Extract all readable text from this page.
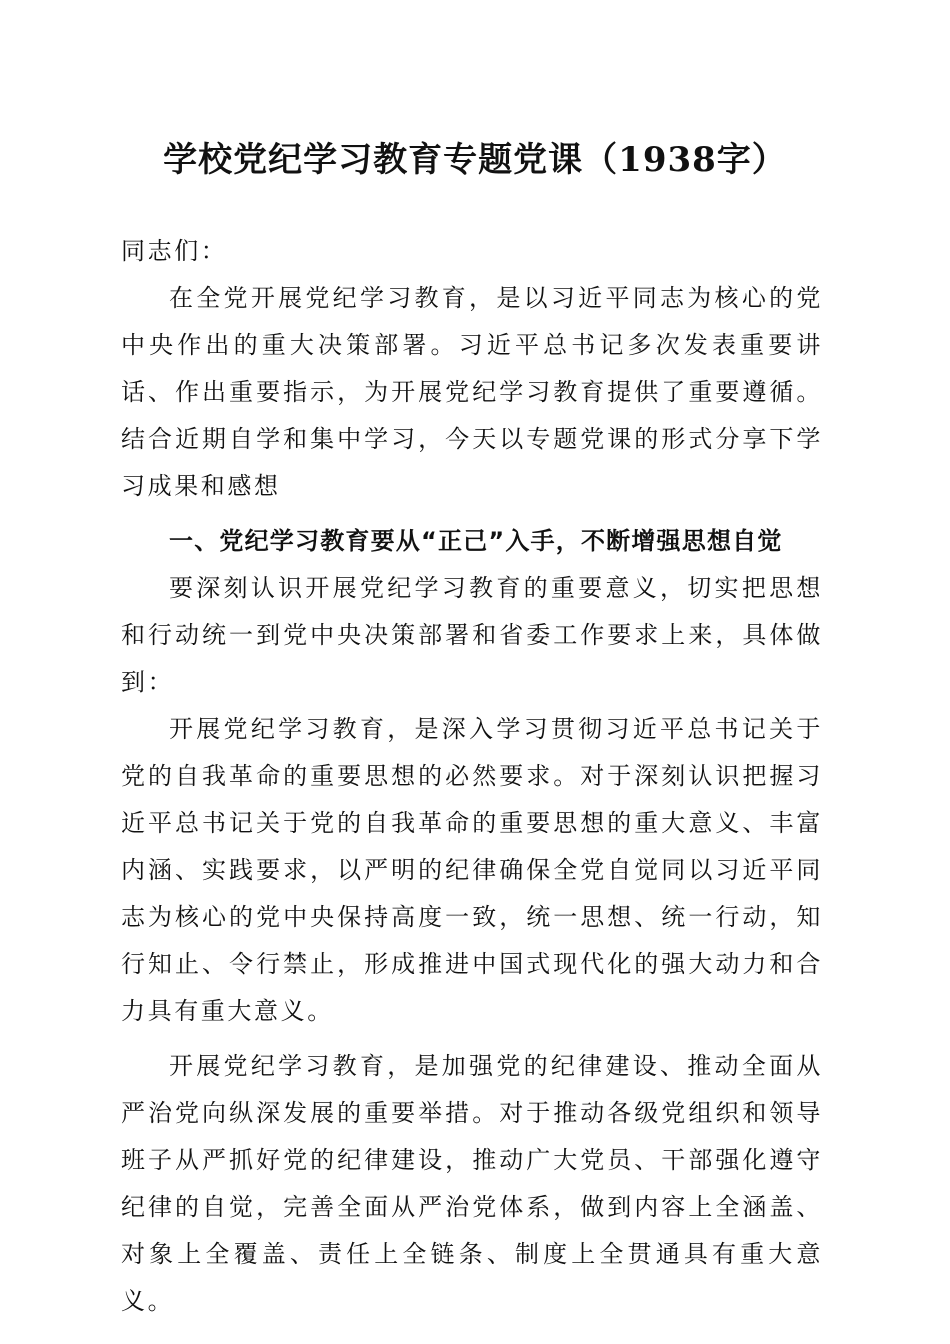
学校党纪学习教育专题党课（1938字）

同志们：

在全党开展党纪学习教育，是以习近平同志为核心的党中央作出的重大决策部署。习近平总书记多次发表重要讲话、作出重要指示，为开展党纪学习教育提供了重要遵循。结合近期自学和集中学习，今天以专题党课的形式分享下学习成果和感想

一、党纪学习教育要从“正己”入手，不断增强思想自觉

要深刻认识开展党纪学习教育的重要意义，切实把思想和行动统一到党中央决策部署和省委工作要求上来，具体做到：

开展党纪学习教育，是深入学习贯彻习近平总书记关于党的自我革命的重要思想的必然要求。对于深刻认识把握习近平总书记关于党的自我革命的重要思想的重大意义、丰富内涵、实践要求，以严明的纪律确保全党自觉同以习近平同志为核心的党中央保持高度一致，统一思想、统一行动，知行知止、令行禁止，形成推进中国式现代化的强大动力和合力具有重大意义。

开展党纪学习教育，是加强党的纪律建设、推动全面从严治党向纵深发展的重要举措。对于推动各级党组织和领导班子从严抓好党的纪律建设，推动广大党员、干部强化遵守纪律的自觉，完善全面从严治党体系，做到内容上全涵盖、对象上全覆盖、责任上全链条、制度上全贯通具有重大意义。
